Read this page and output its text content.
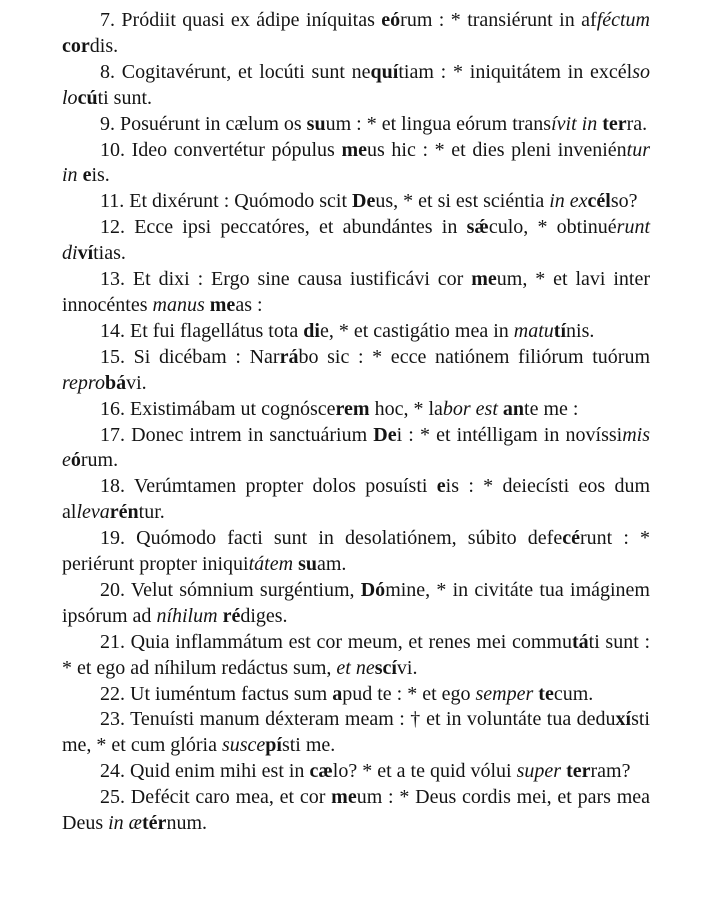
7. Pródiit quasi ex ádipe iníquitas eórum : * transiérunt in afféctum cordis.

8. Cogitavérunt, et locúti sunt nequítiam : * iniquitátem in excélso locúti sunt.

9. Posuérunt in cælum os suum : * et lingua eórum transívit in terra.

10. Ideo convertétur pópulus meus hic : * et dies pleni inveniéntur in eis.

11. Et dixérunt : Quómodo scit Deus, * et si est sciéntia in excélso?

12. Ecce ipsi peccatóres, et abundántes in sǽculo, * obtinuérunt divítias.

13. Et dixi : Ergo sine causa iustificávi cor meum, * et lavi inter innocéntes manus meas :

14. Et fui flagellátus tota die, * et castigátio mea in matutínis.

15. Si dicébam : Narrábo sic : * ecce natiónem filiórum tuórum reprobávi.

16. Existimábam ut cognóscerem hoc, * labor est ante me :

17. Donec intrem in sanctuárium Dei : * et intélligam in novíssimis eórum.

18. Verúmtamen propter dolos posuísti eis : * deiecísti eos dum allevaréntur.

19. Quómodo facti sunt in desolatiónem, súbito defecérunt : * periérunt propter iniquitátem suam.

20. Velut sómnium surgéntium, Dómine, * in civitáte tua imáginem ipsórum ad níhilum rédiges.

21. Quia inflammátum est cor meum, et renes mei commutáti sunt : * et ego ad níhilum redáctus sum, et nescívi.

22. Ut iuméntum factus sum apud te : * et ego semper tecum.

23. Tenuísti manum déxteram meam : † et in voluntáte tua deduxísti me, * et cum glória suscepísti me.

24. Quid enim mihi est in cælo? * et a te quid vólui super terram?

25. Defécit caro mea, et cor meum : * Deus cordis mei, et pars mea Deus in ætérnum.
